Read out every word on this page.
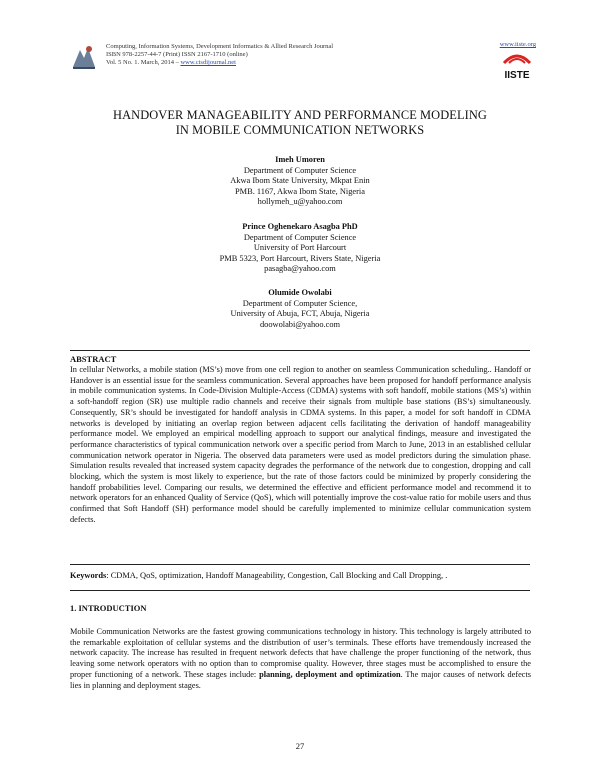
Computing, Information Systems, Development Informatics & Allied Research Journal
ISBN 978-2257-44-7 (Print) ISSN 2167-1710 (online)
Vol. 5 No. 1. March, 2014 – www.cisdijournal.net
www.iiste.org
IISTE
HANDOVER MANAGEABILITY AND PERFORMANCE MODELING
IN MOBILE COMMUNICATION NETWORKS
Imeh Umoren
Department of Computer Science
Akwa Ibom State University, Mkpat Enin
PMB. 1167, Akwa Ibom State, Nigeria
hollymeh_u@yahoo.com
Prince Oghenekaro Asagba PhD
Department of Computer Science
University of Port Harcourt
PMB 5323, Port Harcourt, Rivers State, Nigeria
pasagba@yahoo.com
Olumide Owolabi
Department of Computer Science,
University of Abuja, FCT, Abuja, Nigeria
doowolabi@yahoo.com
ABSTRACT
In cellular Networks, a mobile station (MS’s) move from one cell region to another on seamless Communication scheduling.. Handoff or Handover is an essential issue for the seamless communication. Several approaches have been proposed for handoff performance analysis in mobile communication systems. In Code-Division Multiple-Access (CDMA) systems with soft handoff, mobile stations (MS’s) within a soft-handoff region (SR) use multiple radio channels and receive their signals from multiple base stations (BS’s) simultaneously. Consequently, SR’s should be investigated for handoff analysis in CDMA systems. In this paper, a model for soft handoff in CDMA networks is developed by initiating an overlap region between adjacent cells facilitating the derivation of handoff manageability performance model. We employed an empirical modelling approach to support our analytical findings, measure and investigated the performance characteristics of typical communication network over a specific period from March to June, 2013 in an established cellular communication network operator in Nigeria. The observed data parameters were used as model predictors during the simulation phase. Simulation results revealed that increased system capacity degrades the performance of the network due to congestion, dropping and call blocking, which the system is most likely to experience, but the rate of those factors could be minimized by properly considering the handoff probabilities level. Comparing our results, we determined the effective and efficient performance model and recommend it to network operators for an enhanced Quality of Service (QoS), which will potentially improve the cost-value ratio for mobile users and thus confirmed that Soft Handoff (SH) performance model should be carefully implemented to minimize cellular communication system defects.
Keywords: CDMA, QoS, optimization, Handoff Manageability, Congestion, Call Blocking and Call Dropping, .
1. INTRODUCTION
Mobile Communication Networks are the fastest growing communications technology in history. This technology is largely attributed to the remarkable exploitation of cellular systems and the distribution of user’s terminals. These efforts have tremendously increased the network capacity. The increase has resulted in frequent network defects that have challenge the proper functioning of the network, thus leaving some network operators with no option than to compromise quality. However, three stages must be accomplished to ensure the proper functioning of a network. These stages include: planning, deployment and optimization. The major causes of network defects lies in planning and deployment stages.
27
